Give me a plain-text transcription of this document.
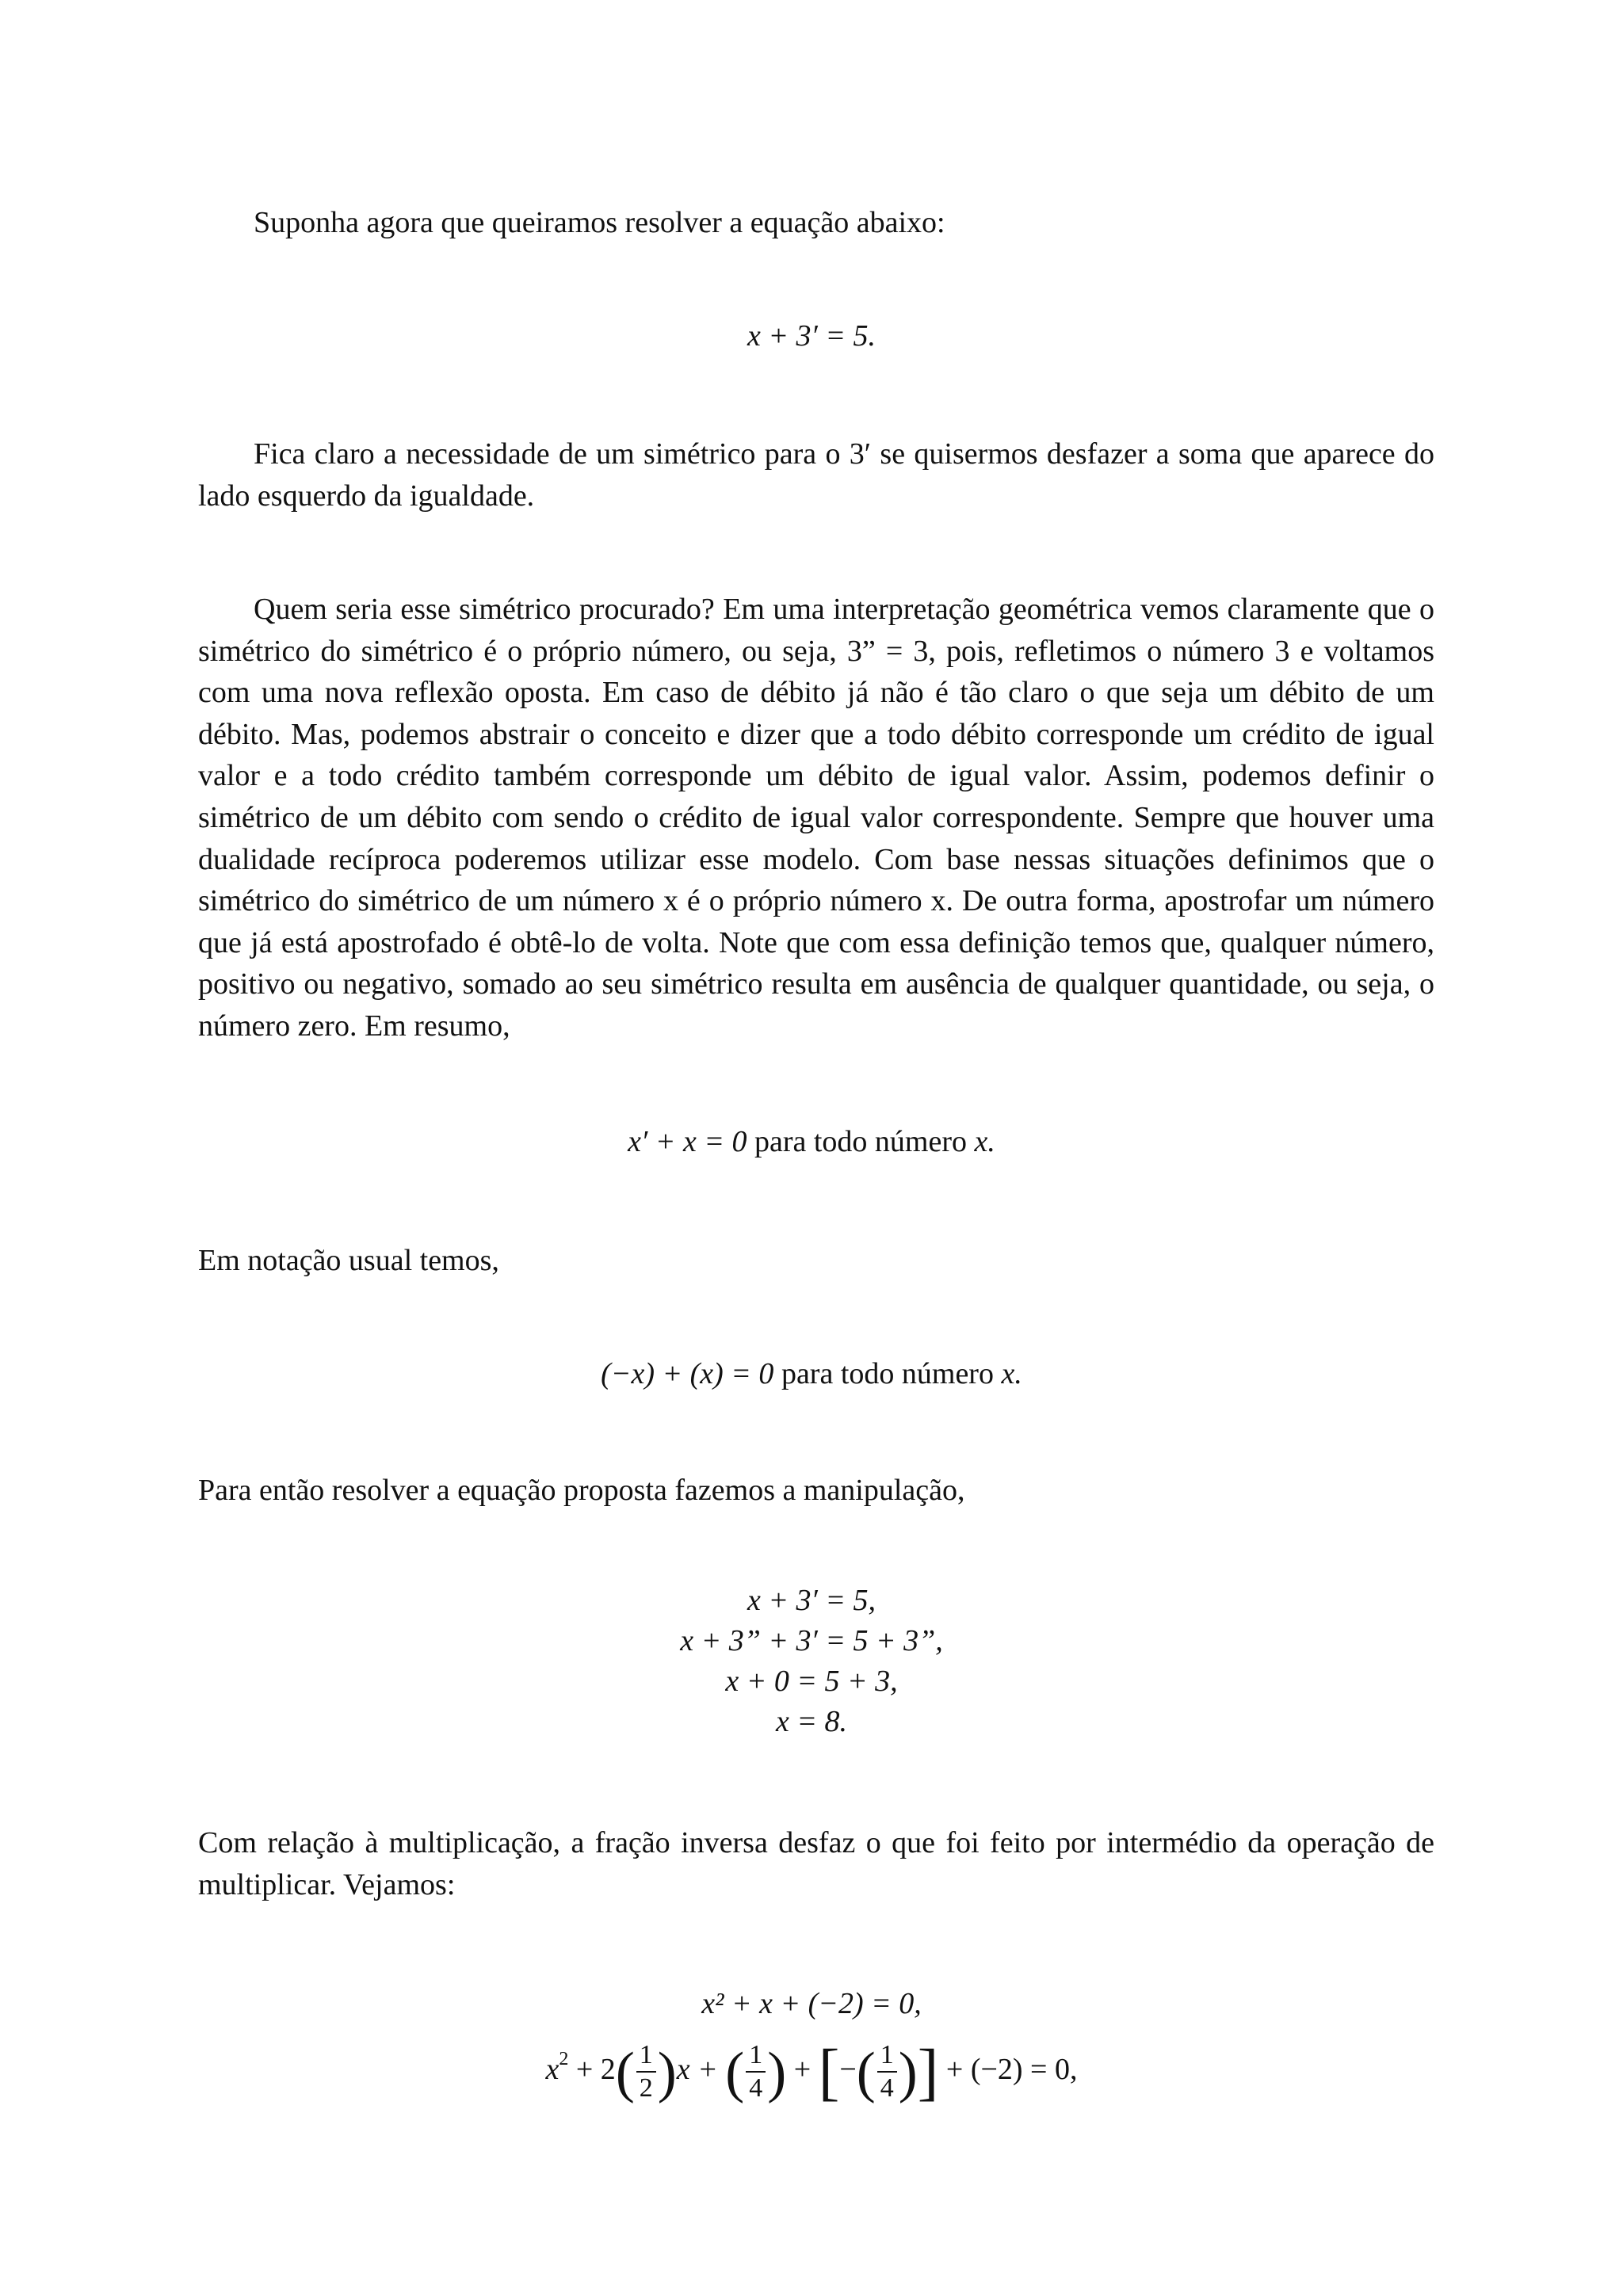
Suponha agora que queiramos resolver a equação abaixo:

x + 3′ = 5.

Fica claro a necessidade de um simétrico para o 3′ se quisermos desfazer a soma que aparece do lado esquerdo da igualdade.

Quem seria esse simétrico procurado? Em uma interpretação geométrica vemos claramente que o simétrico do simétrico é o próprio número, ou seja, 3” = 3, pois, refletimos o número 3 e voltamos com uma nova reflexão oposta. Em caso de débito já não é tão claro o que seja um débito de um débito. Mas, podemos abstrair o conceito e dizer que a todo débito corresponde um crédito de igual valor e a todo crédito também corresponde um débito de igual valor. Assim, podemos definir o simétrico de um débito com sendo o crédito de igual valor correspondente. Sempre que houver uma dualidade recíproca poderemos utilizar esse modelo. Com base nessas situações definimos que o simétrico do simétrico de um número x é o próprio número x. De outra forma, apostrofar um número que já está apostrofado é obtê-lo de volta. Note que com essa definição temos que, qualquer número, positivo ou negativo, somado ao seu simétrico resulta em ausência de qualquer quantidade, ou seja, o número zero. Em resumo,

x′ + x = 0 para todo número x.

Em notação usual temos,

(−x) + (x) = 0 para todo número x.

Para então resolver a equação proposta fazemos a manipulação,

x + 3′ = 5,
x + 3” + 3′ = 5 + 3”,
x + 0 = 5 + 3,
x = 8.

Com relação à multiplicação, a fração inversa desfaz o que foi feito por intermédio da operação de multiplicar. Vejamos:

x² + x + (−2) = 0,

$x^2 + 2( \frac{1}{2} )x$ + ( $\frac{1}{4}$ ) + [−( $\frac{1}{4}$ )] + (−2) = 0,
